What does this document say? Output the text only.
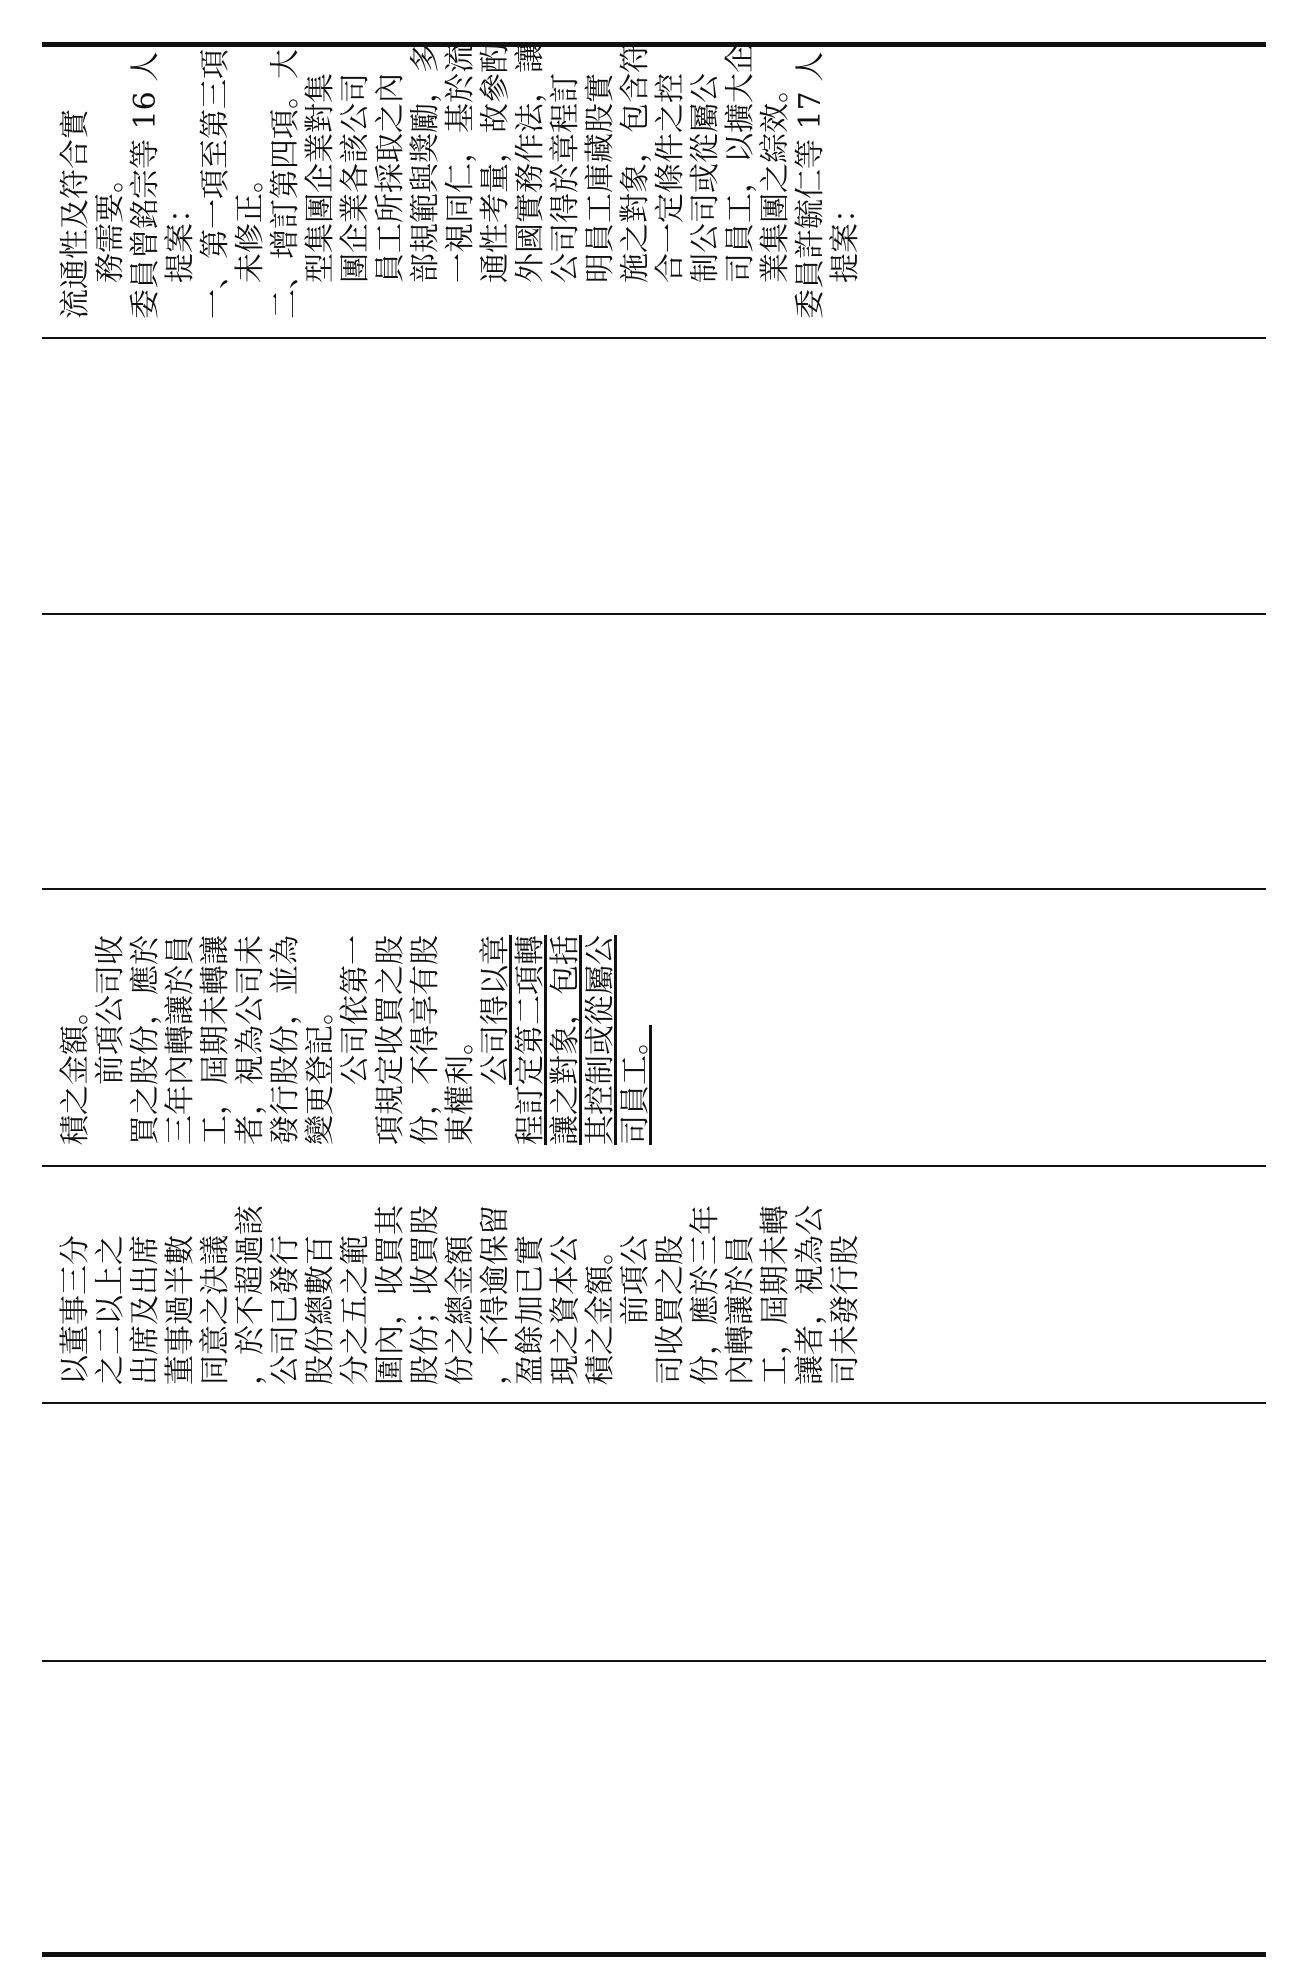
流通性及符合實 務需要。 委員曾銘宗等 16 人 提案： 一、第一項至第三項 未修正。 二、增訂第四項。大 型集團企業對集 團企業各該公司 員工所採取之內 部規範與獎勵，多 一視同仁，基於流 通性考量，故參酌 外國實務作法，讓 公司得於章程訂 明員工庫藏股實 施之對象，包含符 合一定條件之控 制公司或從屬公 司員工，以擴大企 業集團之綜效。 委員許毓仁等 17 人 提案：
積之金額。 前項公司收 買之股份，應於 三年內轉讓於員 工，屆期未轉讓 者，視為公司未 發行股份，並為 變更登記。 公司依第一 項規定收買之股 份，不得享有股 東權利。 公司得以章 程訂定第二項轉 讓之對象，包括 其控制或從屬公 司員工。
以董事三分 之二以上之 出席及出席 董事過半數 同意之決議 ，於不超過該 公司已發行 股份總數百 分之五之範 圍內，收買其 股份；收買股 份之總金額 ，不得逾保留 盈餘加已實 現之資本公 積之金額。 前項公 司收買之股 份，應於三年 內轉讓於員 工，屆期未轉 讓者，視為公 司未發行股
